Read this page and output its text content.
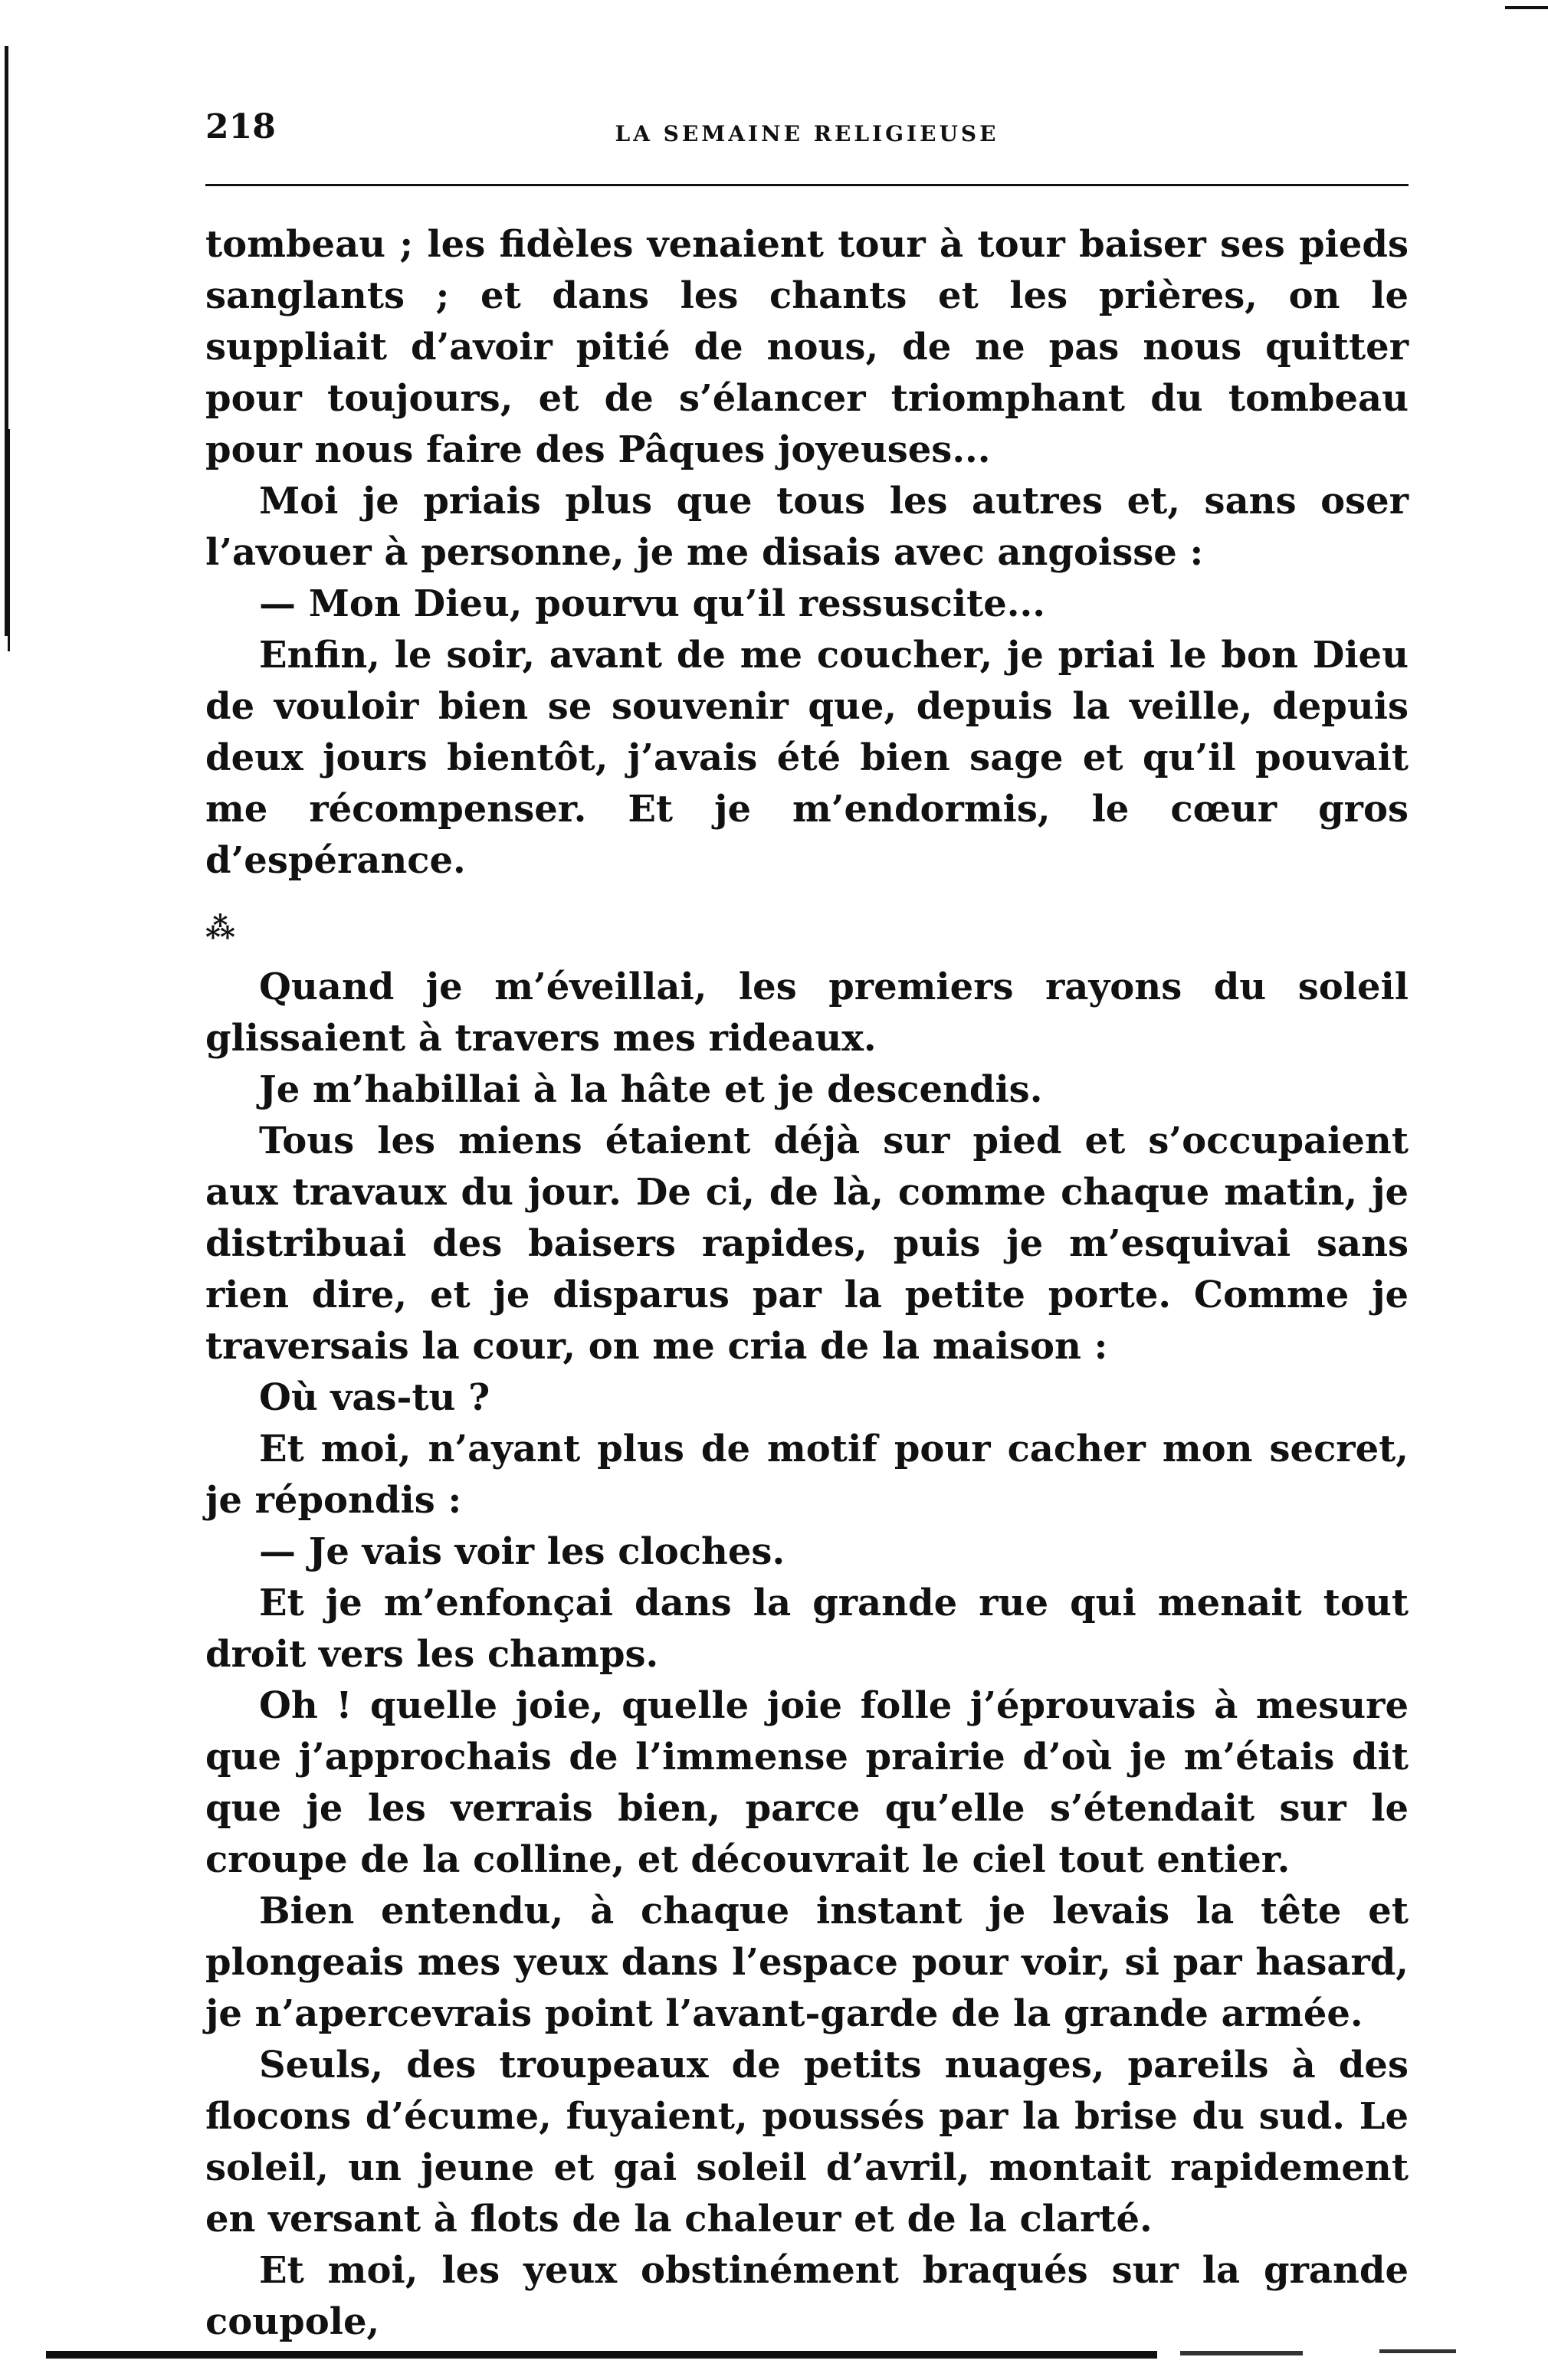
218	LA SEMAINE RELIGIEUSE

tombeau ; les fidèles venaient tour à tour baiser ses pieds sanglants ; et dans les chants et les prières, on le suppliait d’avoir pitié de nous, de ne pas nous quitter pour toujours, et de s’élancer triomphant du tombeau pour nous faire des Pâques joyeuses...

Moi je priais plus que tous les autres et, sans oser l’avouer à personne, je me disais avec angoisse :

— Mon Dieu, pourvu qu’il ressuscite...

Enfin, le soir, avant de me coucher, je priai le bon Dieu de vouloir bien se souvenir que, depuis la veille, depuis deux jours bientôt, j’avais été bien sage et qu’il pouvait me récompenser. Et je m’endormis, le cœur gros d’espérance.

⁂

Quand je m’éveillai, les premiers rayons du soleil glissaient à travers mes rideaux.

Je m’habillai à la hâte et je descendis.

Tous les miens étaient déjà sur pied et s’occupaient aux travaux du jour. De ci, de là, comme chaque matin, je distribuai des baisers rapides, puis je m’esquivai sans rien dire, et je disparus par la petite porte. Comme je traversais la cour, on me cria de la maison :

Où vas-tu ?

Et moi, n’ayant plus de motif pour cacher mon secret, je répondis :

— Je vais voir les cloches.

Et je m’enfonçai dans la grande rue qui menait tout droit vers les champs.

Oh ! quelle joie, quelle joie folle j’éprouvais à mesure que j’approchais de l’immense prairie d’où je m’étais dit que je les verrais bien, parce qu’elle s’étendait sur le croupe de la colline, et découvrait le ciel tout entier.

Bien entendu, à chaque instant je levais la tête et plongeais mes yeux dans l’espace pour voir, si par hasard, je n’apercevrais point l’avant-garde de la grande armée.

Seuls, des troupeaux de petits nuages, pareils à des flocons d’écume, fuyaient, poussés par la brise du sud. Le soleil, un jeune et gai soleil d’avril, montait rapidement en versant à flots de la chaleur et de la clarté.

Et moi, les yeux obstinément braqués sur la grande coupole,
